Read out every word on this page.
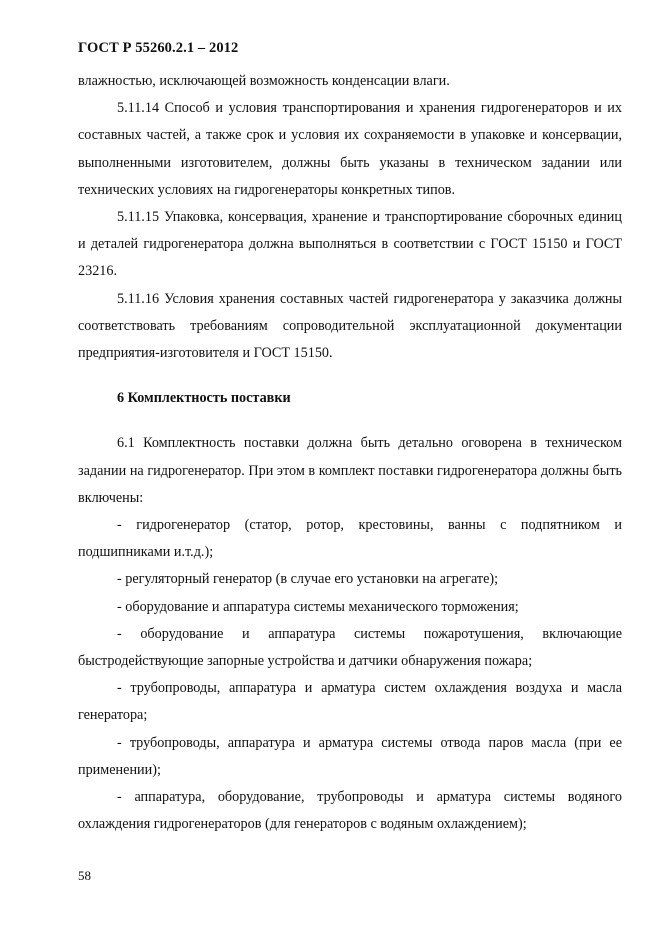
ГОСТ Р 55260.2.1 – 2012

влажностью, исключающей возможность конденсации влаги.

5.11.14 Способ и условия транспортирования и хранения гидрогенераторов и их составных частей, а также срок и условия их сохраняемости в упаковке и консервации, выполненными изготовителем, должны быть указаны в техническом задании или технических условиях на гидрогенераторы конкретных типов.

5.11.15 Упаковка, консервация, хранение и транспортирование сборочных единиц и деталей гидрогенератора должна выполняться в соответствии с ГОСТ 15150 и ГОСТ 23216.

5.11.16 Условия хранения составных частей гидрогенератора у заказчика должны соответствовать требованиям сопроводительной эксплуатационной документации предприятия-изготовителя и ГОСТ 15150.

6 Комплектность поставки

6.1 Комплектность поставки должна быть детально оговорена в техническом задании на гидрогенератор. При этом в комплект поставки гидрогенератора должны быть включены:

- гидрогенератор (статор, ротор, крестовины, ванны с подпятником и подшипниками и.т.д.);

- регуляторный генератор (в случае его установки на агрегате);

- оборудование и аппаратура системы механического торможения;

- оборудование и аппаратура системы пожаротушения, включающие быстродействующие запорные устройства и датчики обнаружения пожара;

- трубопроводы, аппаратура и арматура систем охлаждения воздуха и масла генератора;

- трубопроводы, аппаратура и арматура системы отвода паров масла (при ее применении);

- аппаратура, оборудование, трубопроводы и арматура системы водяного охлаждения гидрогенераторов (для генераторов с водяным охлаждением);

58
